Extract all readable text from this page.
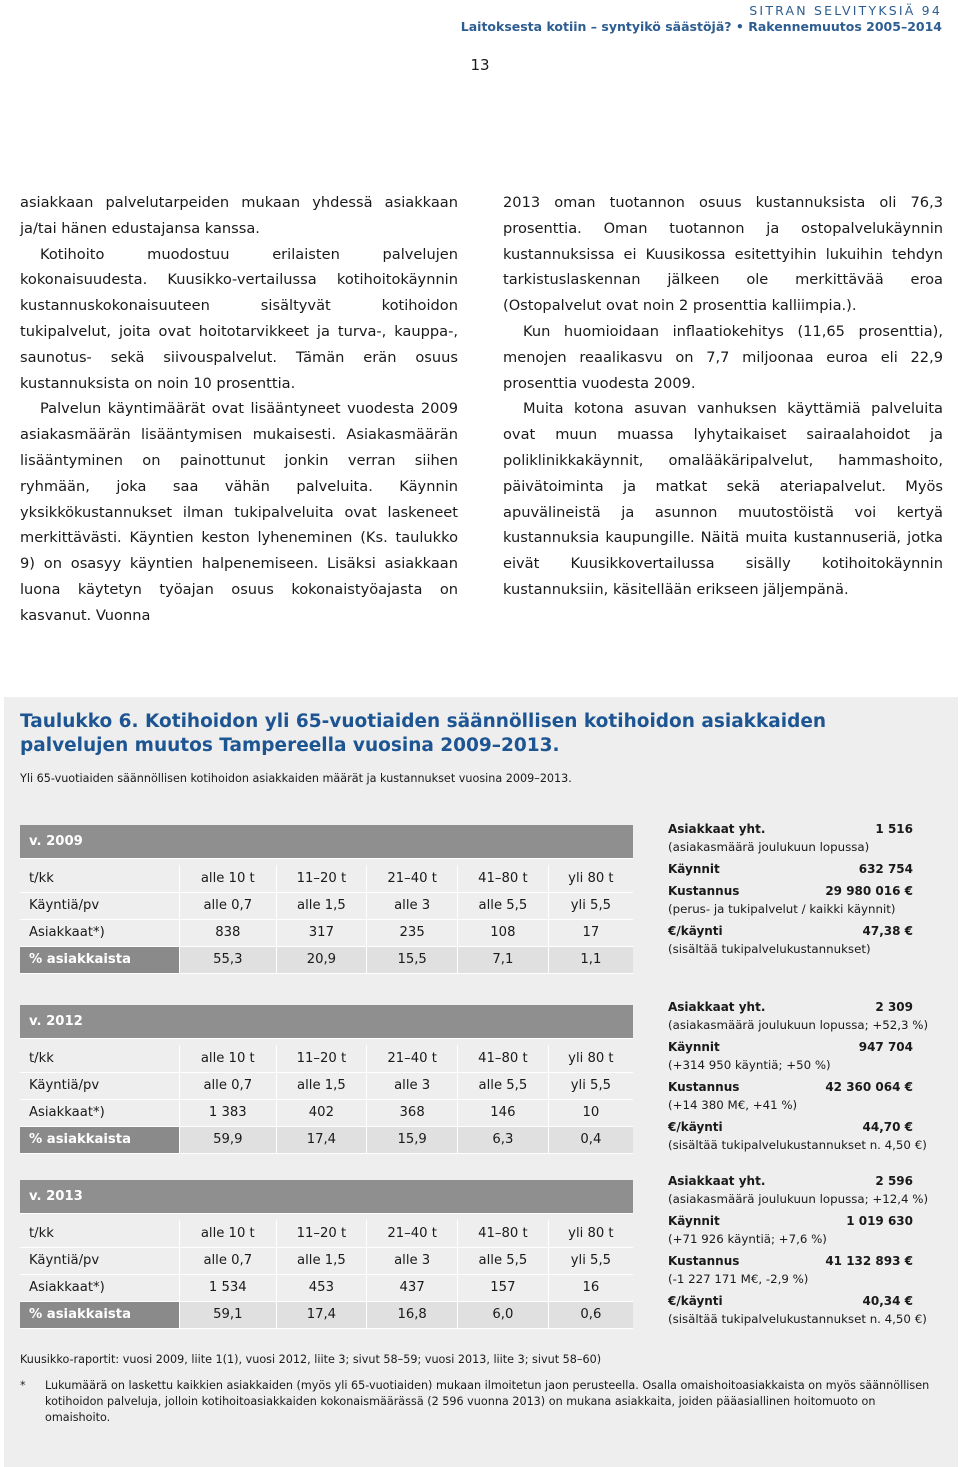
SITRAN SELVITYKSIÄ 94
Laitoksesta kotiin – syntyikö säästöjä? • Rakennemuutos 2005–2014
13

asiakkaan palvelutarpeiden mukaan yhdessä asiakkaan ja/tai hänen edustajansa kanssa.

Kotihoito muodostuu erilaisten palvelujen kokonaisuudesta. Kuusikko-vertailussa kotihoitokäynnin kustannuskokonaisuuteen sisältyvät kotihoidon tukipalvelut, joita ovat hoitotarvikkeet ja turva-, kauppa-, saunotus- sekä siivouspalvelut. Tämän erän osuus kustannuksista on noin 10 prosenttia.

Palvelun käyntimäärät ovat lisääntyneet vuodesta 2009 asiakasmäärän lisääntymisen mukaisesti. Asiakasmäärän lisääntyminen on painottunut jonkin verran siihen ryhmään, joka saa vähän palveluita. Käynnin yksikkökustannukset ilman tukipalveluita ovat laskeneet merkittävästi. Käyntien keston lyheneminen (Ks. taulukko 9) on osasyy käyntien halpenemiseen. Lisäksi asiakkaan luona käytetyn työajan osuus kokonaistyöajasta on kasvanut. Vuonna

2013 oman tuotannon osuus kustannuksista oli 76,3 prosenttia. Oman tuotannon ja ostopalvelukäynnin kustannuksissa ei Kuusikossa esitettyihin lukuihin tehdyn tarkistuslaskennan jälkeen ole merkittävää eroa (Ostopalvelut ovat noin 2 prosenttia kalliimpia.).

Kun huomioidaan inflaatiokehitys (11,65 prosenttia), menojen reaalikasvu on 7,7 miljoonaa euroa eli 22,9 prosenttia vuodesta 2009.

Muita kotona asuvan vanhuksen käyttämiä palveluita ovat muun muassa lyhytaikaiset sairaalahoidot ja poliklinikkakäynnit, omalääkäripalvelut, hammashoito, päivätoiminta ja matkat sekä ateriapalvelut. Myös apuvälineistä ja asunnon muutostöistä voi kertyä kustannuksia kaupungille. Näitä muita kustannuseriä, jotka eivät Kuusikkovertailussa sisälly kotihoitokäynnin kustannuksiin, käsitellään erikseen jäljempänä.

Taulukko 6. Kotihoidon yli 65-vuotiaiden säännöllisen kotihoidon asiakkaiden palvelujen muutos Tampereella vuosina 2009–2013.
Yli 65-vuotiaiden säännöllisen kotihoidon asiakkaiden määrät ja kustannukset vuosina 2009–2013.
v. 2009					

t/kk	alle 10 t	11–20 t	21–40 t	41–80 t	yli 80 t
Käyntiä/pv	alle 0,7	alle 1,5	alle 3	alle 5,5	yli 5,5
Asiakkaat*)	838	317	235	108	17
% asiakkaista	55,3	20,9	15,5	7,1	1,1
Asiakkaat yht.	1 516
(asiakasmäärä joulukuun lopussa)
Käynnit	632 754
Kustannus	29 980 016 €
(perus- ja tukipalvelut / kaikki käynnit)
€/käynti	47,38 €
(sisältää tukipalvelukustannukset)
v. 2012					

t/kk	alle 10 t	11–20 t	21–40 t	41–80 t	yli 80 t
Käyntiä/pv	alle 0,7	alle 1,5	alle 3	alle 5,5	yli 5,5
Asiakkaat*)	1 383	402	368	146	10
% asiakkaista	59,9	17,4	15,9	6,3	0,4
Asiakkaat yht.	2 309
(asiakasmäärä joulukuun lopussa; +52,3 %)
Käynnit	947 704
(+314 950 käyntiä; +50 %)
Kustannus	42 360 064 €
(+14 380 M€, +41 %)
€/käynti	44,70 €
(sisältää tukipalvelukustannukset n. 4,50 €)
v. 2013					

t/kk	alle 10 t	11–20 t	21–40 t	41–80 t	yli 80 t
Käyntiä/pv	alle 0,7	alle 1,5	alle 3	alle 5,5	yli 5,5
Asiakkaat*)	1 534	453	437	157	16
% asiakkaista	59,1	17,4	16,8	6,0	0,6
Asiakkaat yht.	2 596
(asiakasmäärä joulukuun lopussa; +12,4 %)
Käynnit	1 019 630
(+71 926 käyntiä; +7,6 %)
Kustannus	41 132 893 €
(-1 227 171 M€, -2,9 %)
€/käynti	40,34 €
(sisältää tukipalvelukustannukset n. 4,50 €)
Kuusikko-raportit: vuosi 2009, liite 1(1), vuosi 2012, liite 3; sivut 58–59; vuosi 2013, liite 3; sivut 58–60)
*	Lukumäärä on laskettu kaikkien asiakkaiden (myös yli 65-vuotiaiden) mukaan ilmoitetun jaon perusteella. Osalla omaishoitoasiakkaista on myös säännöllisen kotihoidon palveluja, jolloin kotihoitoasiakkaiden kokonaismäärässä (2 596 vuonna 2013) on mukana asiakkaita, joiden pääasiallinen hoitomuoto on omaishoito.
